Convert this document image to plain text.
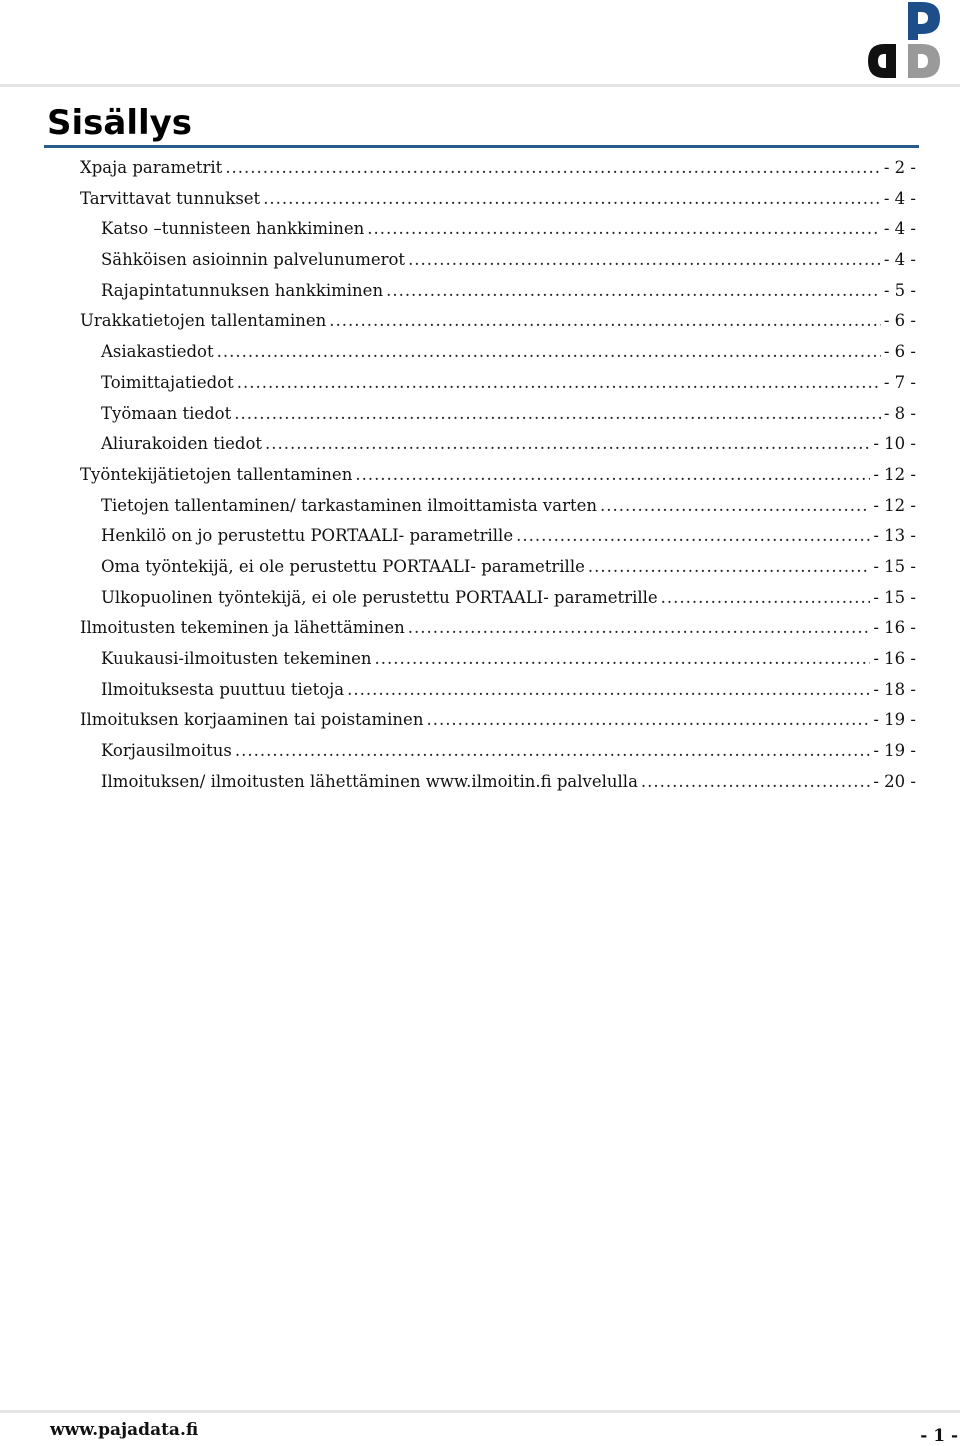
Sisällys
Xpaja parametrit .....	- 2 -
Tarvittavat tunnukset .....	- 4 -
Katso –tunnisteen hankkiminen .....	- 4 -
Sähköisen asioinnin palvelunumerot .....	- 4 -
Rajapintatunnuksen hankkiminen .....	- 5 -
Urakkatietojen tallentaminen .....	- 6 -
Asiakastiedot .....	- 6 -
Toimittajatiedot .....	- 7 -
Työmaan tiedot .....	- 8 -
Aliurakoiden tiedot .....	- 10 -
Työntekijätietojen tallentaminen .....	- 12 -
Tietojen tallentaminen/ tarkastaminen ilmoittamista varten .....	- 12 -
Henkilö on jo perustettu PORTAALI- parametrille .....	- 13 -
Oma työntekijä, ei ole perustettu PORTAALI- parametrille .....	- 15 -
Ulkopuolinen työntekijä, ei ole perustettu PORTAALI- parametrille .....	- 15 -
Ilmoitusten tekeminen ja lähettäminen .....	- 16 -
Kuukausi-ilmoitusten tekeminen .....	- 16 -
Ilmoituksesta puuttuu tietoja .....	- 18 -
Ilmoituksen korjaaminen tai poistaminen .....	- 19 -
Korjausilmoitus .....	- 19 -
Ilmoituksen/ ilmoitusten lähettäminen www.ilmoitin.fi palvelulla .....	- 20 -
www.pajadata.fi	- 1 -
